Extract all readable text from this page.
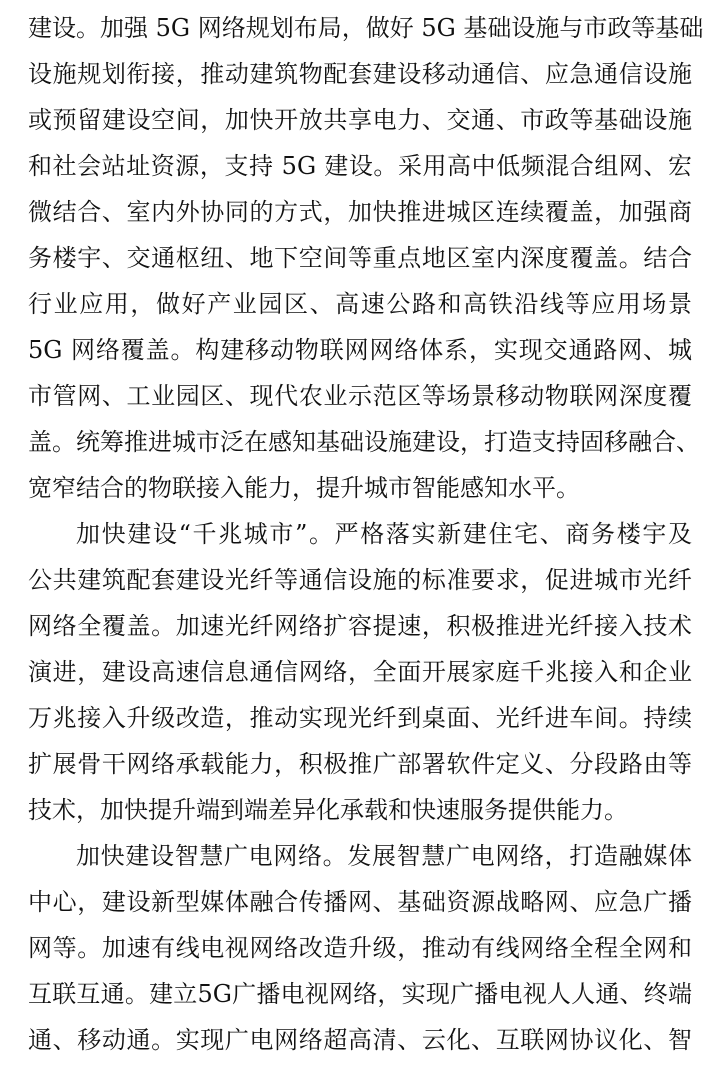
建设。加强 5G 网络规划布局，做好 5G 基础设施与市政等基础
设施规划衔接，推动建筑物配套建设移动通信、应急通信设施
或预留建设空间，加快开放共享电力、交通、市政等基础设施
和社会站址资源，支持 5G 建设。采用高中低频混合组网、宏
微结合、室内外协同的方式，加快推进城区连续覆盖，加强商
务楼宇、交通枢纽、地下空间等重点地区室内深度覆盖。结合
行业应用，做好产业园区、高速公路和高铁沿线等应用场景
5G 网络覆盖。构建移动物联网网络体系，实现交通路网、城
市管网、工业园区、现代农业示范区等场景移动物联网深度覆
盖。统筹推进城市泛在感知基础设施建设，打造支持固移融合、
宽窄结合的物联接入能力，提升城市智能感知水平。
加快建设“千兆城市”。严格落实新建住宅、商务楼宇及
公共建筑配套建设光纤等通信设施的标准要求，促进城市光纤
网络全覆盖。加速光纤网络扩容提速，积极推进光纤接入技术
演进，建设高速信息通信网络，全面开展家庭千兆接入和企业
万兆接入升级改造，推动实现光纤到桌面、光纤进车间。持续
扩展骨干网络承载能力，积极推广部署软件定义、分段路由等
技术，加快提升端到端差异化承载和快速服务提供能力。
加快建设智慧广电网络。发展智慧广电网络，打造融媒体
中心，建设新型媒体融合传播网、基础资源战略网、应急广播
网等。加速有线电视网络改造升级，推动有线网络全程全网和
互联互通。建立5G广播电视网络，实现广播电视人人通、终端
通、移动通。实现广电网络超高清、云化、互联网协议化、智
